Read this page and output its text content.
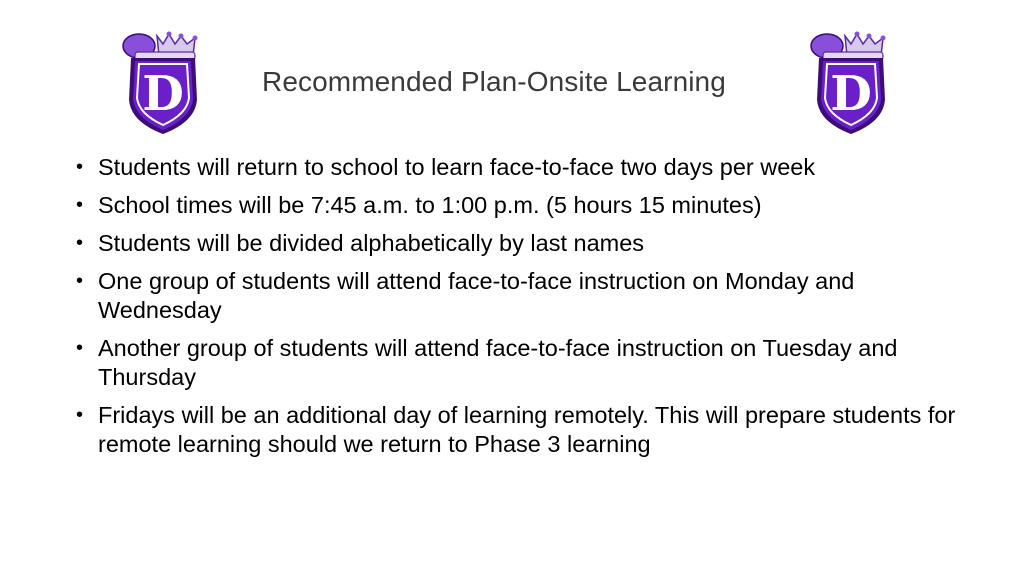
D	Recommended Plan-Onsite Learning D
• Students will return to school to learn face-to-face two days per week
• School times will be 7:45 a.m. to 1:00 p.m. (5 hours 15 minutes)
• Students will be divided alphabetically by last names
• One group of students will attend face-to-face instruction on Monday and Wednesday
• Another group of students will attend face-to-face instruction on Tuesday and Thursday
• Fridays will be an additional day of learning remotely. This will prepare students for remote learning should we return to Phase 3 learning
